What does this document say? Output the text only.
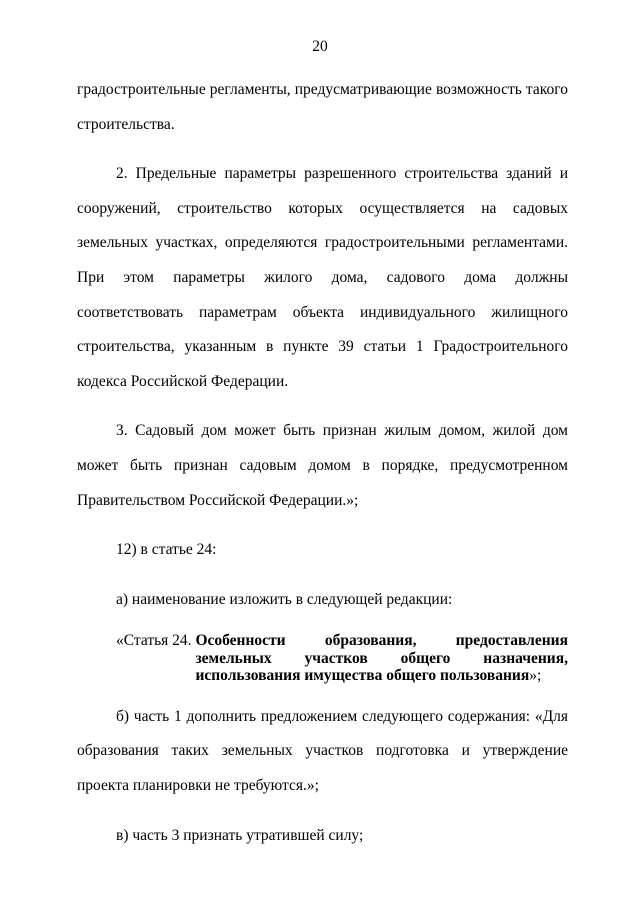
20

градостроительные регламенты, предусматривающие возможность такого строительства.

2. Предельные параметры разрешенного строительства зданий и сооружений, строительство которых осуществляется на садовых земельных участках, определяются градостроительными регламентами. При этом параметры жилого дома, садового дома должны соответствовать параметрам объекта индивидуального жилищного строительства, указанным в пункте 39 статьи 1 Градостроительного кодекса Российской Федерации.

3. Садовый дом может быть признан жилым домом, жилой дом может быть признан садовым домом в порядке, предусмотренном Правительством Российской Федерации.»;

12) в статье 24:

а) наименование изложить в следующей редакции:

«Статья 24. Особенности образования, предоставления земельных участков общего назначения, использования имущества общего пользования»;

б) часть 1 дополнить предложением следующего содержания: «Для образования таких земельных участков подготовка и утверждение проекта планировки не требуются.»;

в) часть 3 признать утратившей силу;
